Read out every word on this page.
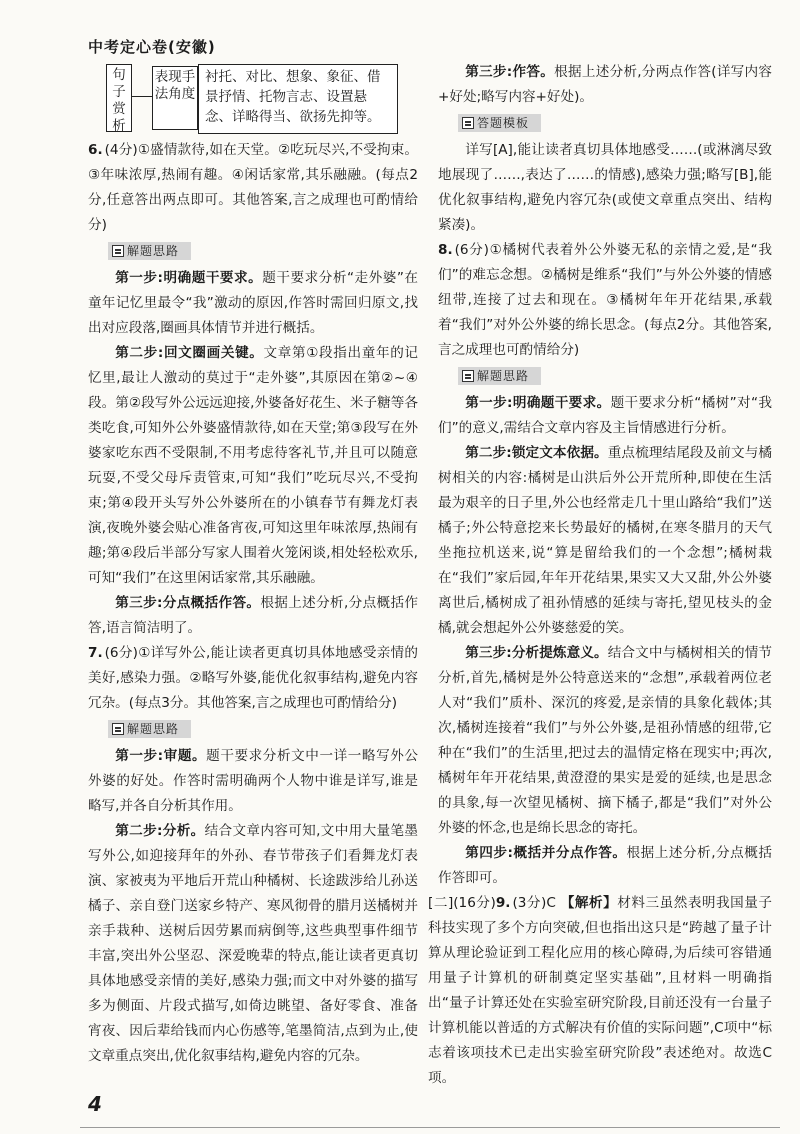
中考定心卷(安徽)
句子赏析
表现手法角度
衬托、对比、想象、象征、借景抒情、托物言志、设置悬念、详略得当、欲扬先抑等。

6. (4分)①盛情款待,如在天堂。②吃玩尽兴,不受拘束。③年味浓厚,热闹有趣。④闲话家常,其乐融融。(每点2分,任意答出两点即可。其他答案,言之成理也可酌情给分)

解题思路

第一步:明确题干要求。题干要求分析“走外婆”在童年记忆里最令“我”激动的原因,作答时需回归原文,找出对应段落,圈画具体情节并进行概括。

第二步:回文圈画关键。文章第①段指出童年的记忆里,最让人激动的莫过于“走外婆”,其原因在第②~④段。第②段写外公远远迎接,外婆备好花生、米子糖等各类吃食,可知外公外婆盛情款待,如在天堂;第③段写在外婆家吃东西不受限制,不用考虑待客礼节,并且可以随意玩耍,不受父母斥责管束,可知“我们”吃玩尽兴,不受拘束;第④段开头写外公外婆所在的小镇春节有舞龙灯表演,夜晚外婆会贴心准备宵夜,可知这里年味浓厚,热闹有趣;第④段后半部分写家人围着火笼闲谈,相处轻松欢乐,可知“我们”在这里闲话家常,其乐融融。

第三步:分点概括作答。根据上述分析,分点概括作答,语言简洁明了。

7. (6分)①详写外公,能让读者更真切具体地感受亲情的美好,感染力强。②略写外婆,能优化叙事结构,避免内容冗杂。(每点3分。其他答案,言之成理也可酌情给分)

解题思路

第一步:审题。题干要求分析文中一详一略写外公外婆的好处。作答时需明确两个人物中谁是详写,谁是略写,并各自分析其作用。

第二步:分析。结合文章内容可知,文中用大量笔墨写外公,如迎接拜年的外孙、春节带孩子们看舞龙灯表演、家被夷为平地后开荒山种橘树、长途跋涉给儿孙送橘子、亲自登门送家乡特产、寒风彻骨的腊月送橘树并亲手栽种、送树后因劳累而病倒等,这些典型事件细节丰富,突出外公坚忍、深爱晚辈的特点,能让读者更真切具体地感受亲情的美好,感染力强;而文中对外婆的描写多为侧面、片段式描写,如倚边眺望、备好零食、准备宵夜、因后辈给钱而内心伤感等,笔墨简洁,点到为止,使文章重点突出,优化叙事结构,避免内容的冗杂。

第三步:作答。根据上述分析,分两点作答(详写内容+好处;略写内容+好处)。

答题模板

详写[A],能让读者真切具体地感受……(或淋漓尽致地展现了……,表达了……的情感),感染力强;略写[B],能优化叙事结构,避免内容冗杂(或使文章重点突出、结构紧凑)。

8. (6分)①橘树代表着外公外婆无私的亲情之爱,是“我们”的难忘念想。②橘树是维系“我们”与外公外婆的情感纽带,连接了过去和现在。③橘树年年开花结果,承载着“我们”对外公外婆的绵长思念。(每点2分。其他答案,言之成理也可酌情给分)

解题思路

第一步:明确题干要求。题干要求分析“橘树”对“我们”的意义,需结合文章内容及主旨情感进行分析。

第二步:锁定文本依据。重点梳理结尾段及前文与橘树相关的内容:橘树是山洪后外公开荒所种,即使在生活最为艰辛的日子里,外公也经常走几十里山路给“我们”送橘子;外公特意挖来长势最好的橘树,在寒冬腊月的天气坐拖拉机送来,说“算是留给我们的一个念想”;橘树栽在“我们”家后园,年年开花结果,果实又大又甜,外公外婆离世后,橘树成了祖孙情感的延续与寄托,望见枝头的金橘,就会想起外公外婆慈爱的笑。

第三步:分析提炼意义。结合文中与橘树相关的情节分析,首先,橘树是外公特意送来的“念想”,承载着两位老人对“我们”质朴、深沉的疼爱,是亲情的具象化载体;其次,橘树连接着“我们”与外公外婆,是祖孙情感的纽带,它种在“我们”的生活里,把过去的温情定格在现实中;再次,橘树年年开花结果,黄澄澄的果实是爱的延续,也是思念的具象,每一次望见橘树、摘下橘子,都是“我们”对外公外婆的怀念,也是绵长思念的寄托。

第四步:概括并分点作答。根据上述分析,分点概括作答即可。

[二](16分)9. (3分)C 【解析】材料三虽然表明我国量子科技实现了多个方向突破,但也指出这只是“跨越了量子计算从理论验证到工程化应用的核心障碍,为后续可容错通用量子计算机的研制奠定坚实基础”,且材料一明确指出“量子计算还处在实验室研究阶段,目前还没有一台量子计算机能以普适的方式解决有价值的实际问题”,C项中“标志着该项技术已走出实验室研究阶段”表述绝对。故选C项。

4
